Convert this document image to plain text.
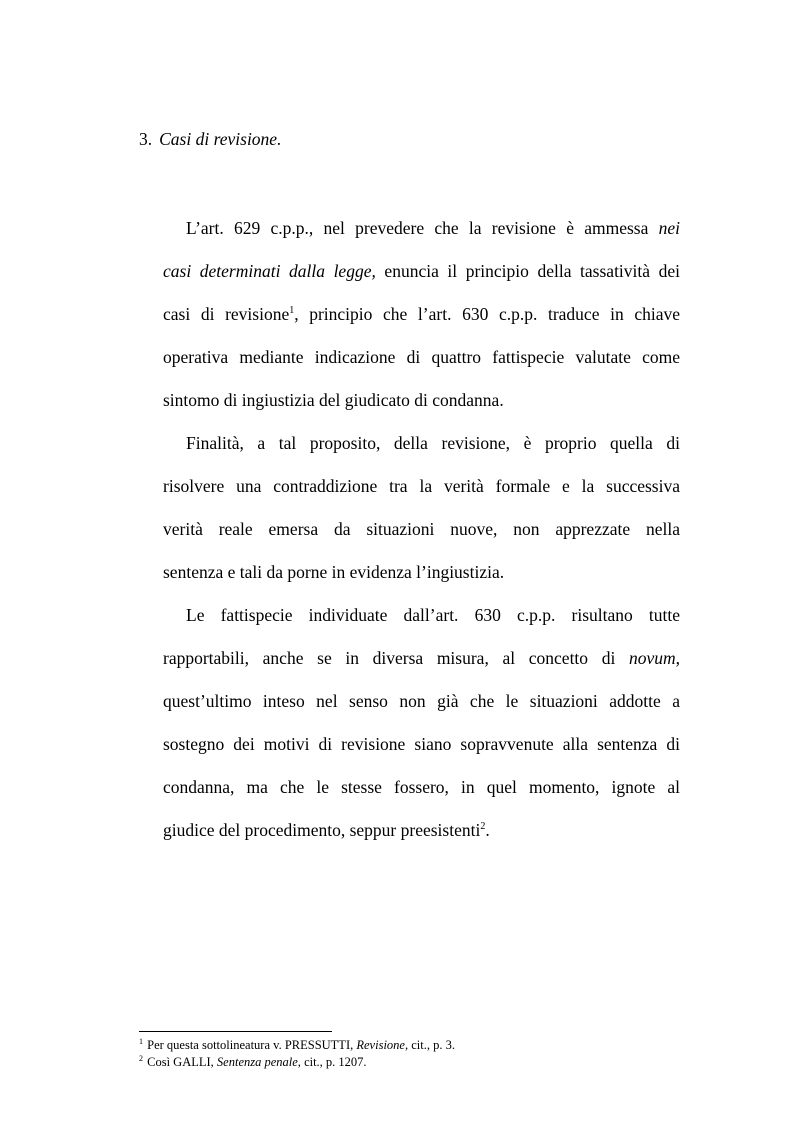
3. Casi di revisione.

L’art. 629 c.p.p., nel prevedere che la revisione è ammessa nei

casi determinati dalla legge, enuncia il principio della tassatività dei

casi di revisione$^1$, principio che l’art. 630 c.p.p. traduce in chiave

operativa mediante indicazione di quattro fattispecie valutate come

sintomo di ingiustizia del giudicato di condanna.

Finalità, a tal proposito, della revisione, è proprio quella di

risolvere una contraddizione tra la verità formale e la successiva

verità reale emersa da situazioni nuove, non apprezzate nella

sentenza e tali da porne in evidenza l’ingiustizia.

Le fattispecie individuate dall’art. 630 c.p.p. risultano tutte

rapportabili, anche se in diversa misura, al concetto di novum,

quest’ultimo inteso nel senso non già che le situazioni addotte a

sostegno dei motivi di revisione siano sopravvenute alla sentenza di

condanna, ma che le stesse fossero, in quel momento, ignote al

giudice del procedimento, seppur preesistenti$^2$.

$^1$ Per questa sottolineatura v. PRESSUTTI, Revisione, cit., p. 3.

$^2$ Così GALLI, Sentenza penale, cit., p. 1207.
